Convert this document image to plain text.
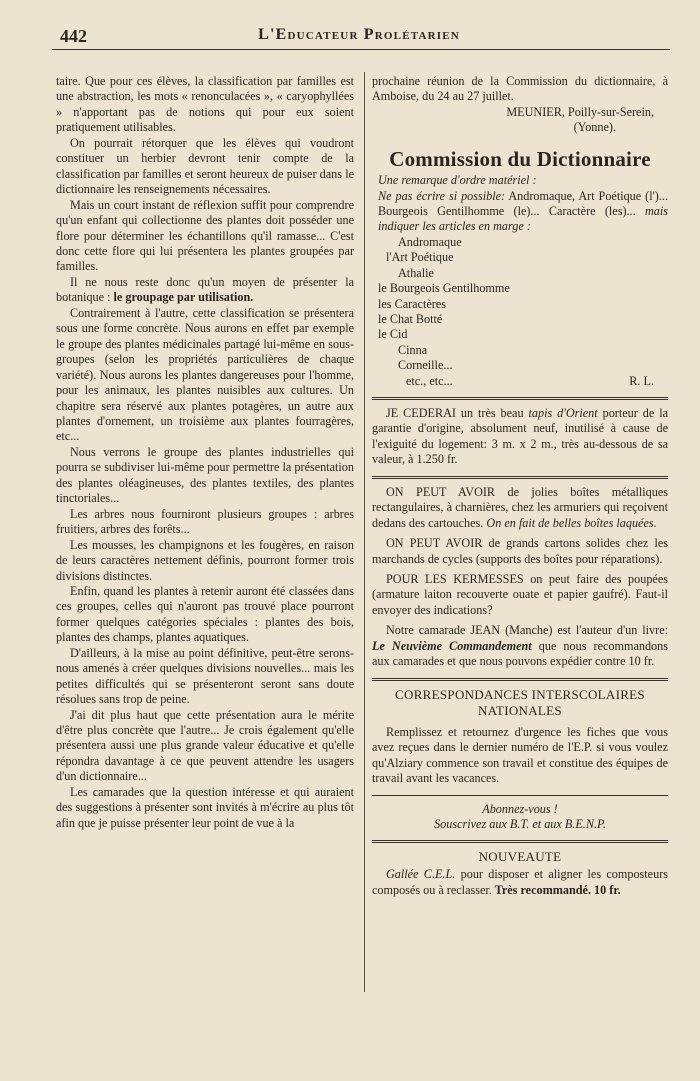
442	L'Educateur Prolétarien

taire. Que pour ces élèves, la classification par familles est une abstraction, les mots « renonculacées », « caryophyllées » n'apportant pas de notions qui pour eux soient pratiquement utilisables.

On pourrait rétorquer que les élèves qui voudront constituer un herbier devront tenir compte de la classification par familles et seront heureux de puiser dans le dictionnaire les renseignements nécessaires.

Mais un court instant de réflexion suffit pour comprendre qu'un enfant qui collectionne des plantes doit posséder une flore pour déterminer les échantillons qu'il ramasse... C'est donc cette flore qui lui présentera les plantes groupées par familles.

Il ne nous reste donc qu'un moyen de présenter la botanique : le groupage par utilisation.

Contrairement à l'autre, cette classification se présentera sous une forme concrète. Nous aurons en effet par exemple le groupe des plantes médicinales partagé lui-même en sous-groupes (selon les propriétés particulières de chaque variété). Nous aurons les plantes dangereuses pour l'homme, pour les animaux, les plantes nuisibles aux cultures. Un chapitre sera réservé aux plantes potagères, un autre aux plantes d'ornement, un troisième aux plantes fourragères, etc...

Nous verrons le groupe des plantes industrielles qui pourra se subdiviser lui-même pour permettre la présentation des plantes oléagineuses, des plantes textiles, des plantes tinctoriales...

Les arbres nous fourniront plusieurs groupes : arbres fruitiers, arbres des forêts...

Les mousses, les champignons et les fougères, en raison de leurs caractères nettement définis, pourront former trois divisions distinctes.

Enfin, quand les plantes à retenir auront été classées dans ces groupes, celles qui n'auront pas trouvé place pourront former quelques catégories spéciales : plantes des bois, plantes des champs, plantes aquatiques.

D'ailleurs, à la mise au point définitive, peut-être serons-nous amenés à créer quelques divisions nouvelles... mais les petites difficultés qui se présenteront seront sans doute résolues sans trop de peine.

J'ai dit plus haut que cette présentation aura le mérite d'être plus concrète que l'autre... Je crois également qu'elle présentera aussi une plus grande valeur éducative et qu'elle répondra davantage à ce que peuvent attendre les usagers d'un dictionnaire...

Les camarades que la question intéresse et qui auraient des suggestions à présenter sont invités à m'écrire au plus tôt afin que je puisse présenter leur point de vue à la

prochaine réunion de la Commission du dictionnaire, à Amboise, du 24 au 27 juillet.

MEUNIER, Poilly-sur-Serein,

(Yonne).

Commission du Dictionnaire

Une remarque d'ordre matériel :

Ne pas écrire si possible: Andromaque, Art Poétique (l')... Bourgeois Gentilhomme (le)... Caractère (les)... mais indiquer les articles en marge :

Andromaque
l'Art Poétique
Athalie
le Bourgeois Gentilhomme
les Caractères
le Chat Botté
le Cid
Cinna
Corneille...
etc., etc...	R. L.

JE CEDERAI un très beau tapis d'Orient porteur de la garantie d'origine, absolument neuf, inutilisé à cause de l'exiguité du logement: 3 m. x 2 m., très au-dessous de sa valeur, à 1.250 fr.

ON PEUT AVOIR de jolies boîtes métalliques rectangulaires, à charnières, chez les armuriers qui reçoivent dedans des cartouches. On en fait de belles boîtes laquées.

ON PEUT AVOIR de grands cartons solides chez les marchands de cycles (supports des boîtes pour réparations).

POUR LES KERMESSES on peut faire des poupées (armature laiton recouverte ouate et papier gaufré). Faut-il envoyer des indications?

Notre camarade JEAN (Manche) est l'auteur d'un livre: Le Neuvième Commandement que nous recommandons aux camarades et que nous pouvons expédier contre 10 fr.

CORRESPONDANCES INTERSCOLAIRES
NATIONALES

Remplissez et retournez d'urgence les fiches que vous avez reçues dans le dernier numéro de l'E.P. si vous voulez qu'Alziary commence son travail et constitue des équipes de travail avant les vacances.

Abonnez-vous !

Souscrivez aux B.T. et aux B.E.N.P.

NOUVEAUTE

Gallée C.E.L. pour disposer et aligner les composteurs composés ou à reclasser. Très recommandé. 10 fr.
